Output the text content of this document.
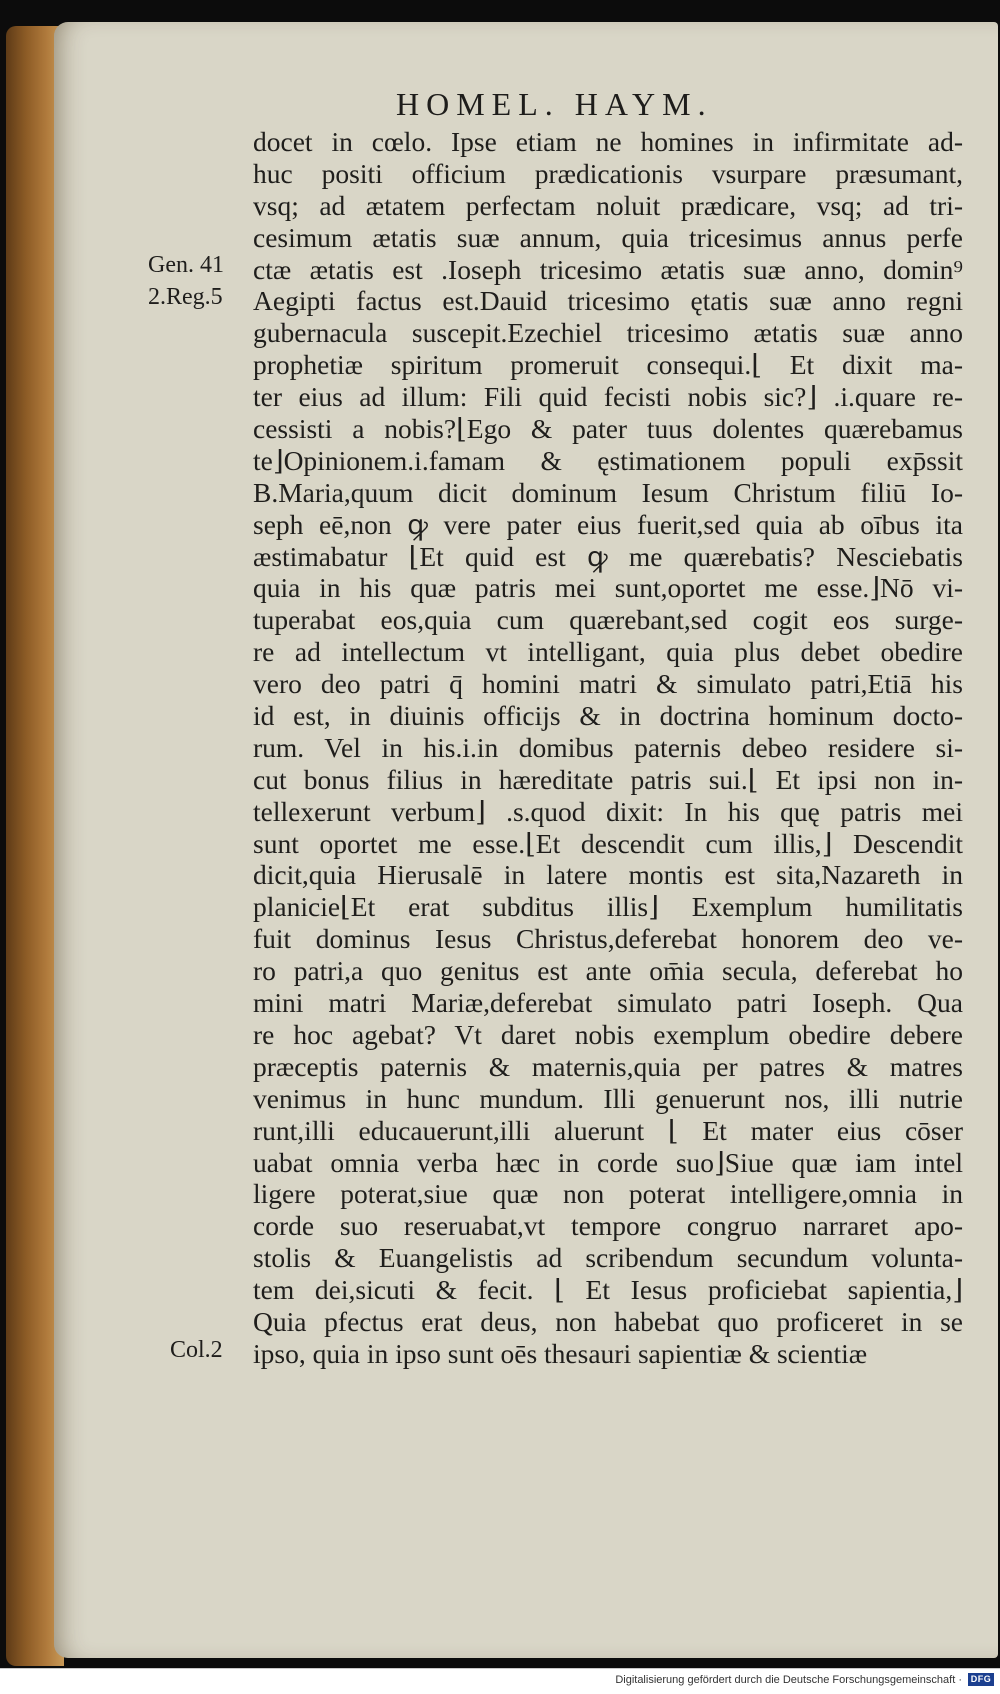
HOMEL. HAYM.
Gen. 41
2.Reg.5
Col.2
docet in cœlo. Ipse etiam ne homines in infirmitate ad-
huc positi officium prædicationis vsurpare præsumant,
vsq; ad ætatem perfectam noluit prædicare, vsq; ad tri-
cesimum ætatis suæ annum, quia tricesimus annus perfe
ctæ ætatis est .Ioseph tricesimo ætatis suæ anno, domin⁹
Aegipti factus est.Dauid tricesimo ętatis suæ anno regni
gubernacula suscepit.Ezechiel tricesimo ætatis suæ anno
prophetiæ spiritum promeruit consequi.⌊ Et dixit ma-
ter eius ad illum: Fili quid fecisti nobis sic?⌋ .i.quare re-
cessisti a nobis?⌊Ego & pater tuus dolentes quærebamus
te⌋Opinionem.i.famam & ęstimationem populi exp̄ssit
B.Maria,quum dicit dominum Iesum Christum filiū Io-
seph eē,non ꝙ vere pater eius fuerit,sed quia ab oībus ita
æstimabatur ⌊Et quid est ꝙ me quærebatis? Nesciebatis
quia in his quæ patris mei sunt,oportet me esse.⌋Nō vi-
tuperabat eos,quia cum quærebant,sed cogit eos surge-
re ad intellectum vt intelligant, quia plus debet obedire
vero deo patri q̄ homini matri & simulato patri,Etiā his
id est, in diuinis officijs & in doctrina hominum docto-
rum. Vel in his.i.in domibus paternis debeo residere si-
cut bonus filius in hæreditate patris sui.⌊ Et ipsi non in-
tellexerunt verbum⌋ .s.quod dixit: In his quę patris mei
sunt oportet me esse.⌊Et descendit cum illis,⌋ Descendit
dicit,quia Hierusalē in latere montis est sita,Nazareth in
planicie⌊Et erat subditus illis⌋ Exemplum humilitatis
fuit dominus Iesus Christus,deferebat honorem deo ve-
ro patri,a quo genitus est ante om̄ia secula, deferebat ho
mini matri Mariæ,deferebat simulato patri Ioseph. Qua
re hoc agebat? Vt daret nobis exemplum obedire debere
præceptis paternis & maternis,quia per patres & matres
venimus in hunc mundum. Illi genuerunt nos, illi nutrie
runt,illi educauerunt,illi aluerunt ⌊ Et mater eius cōser
uabat omnia verba hæc in corde suo⌋Siue quæ iam intel
ligere poterat,siue quæ non poterat intelligere,omnia in
corde suo reseruabat,vt tempore congruo narraret apo-
stolis & Euangelistis ad scribendum secundum volunta-
tem dei,sicuti & fecit. ⌊ Et Iesus proficiebat sapientia,⌋
Quia pfectus erat deus, non habebat quo proficeret in se
ipso, quia in ipso sunt oēs thesauri sapientiæ & scientiæ
Digitalisierung gefördert durch die Deutsche Forschungsgemeinschaft · DFG
